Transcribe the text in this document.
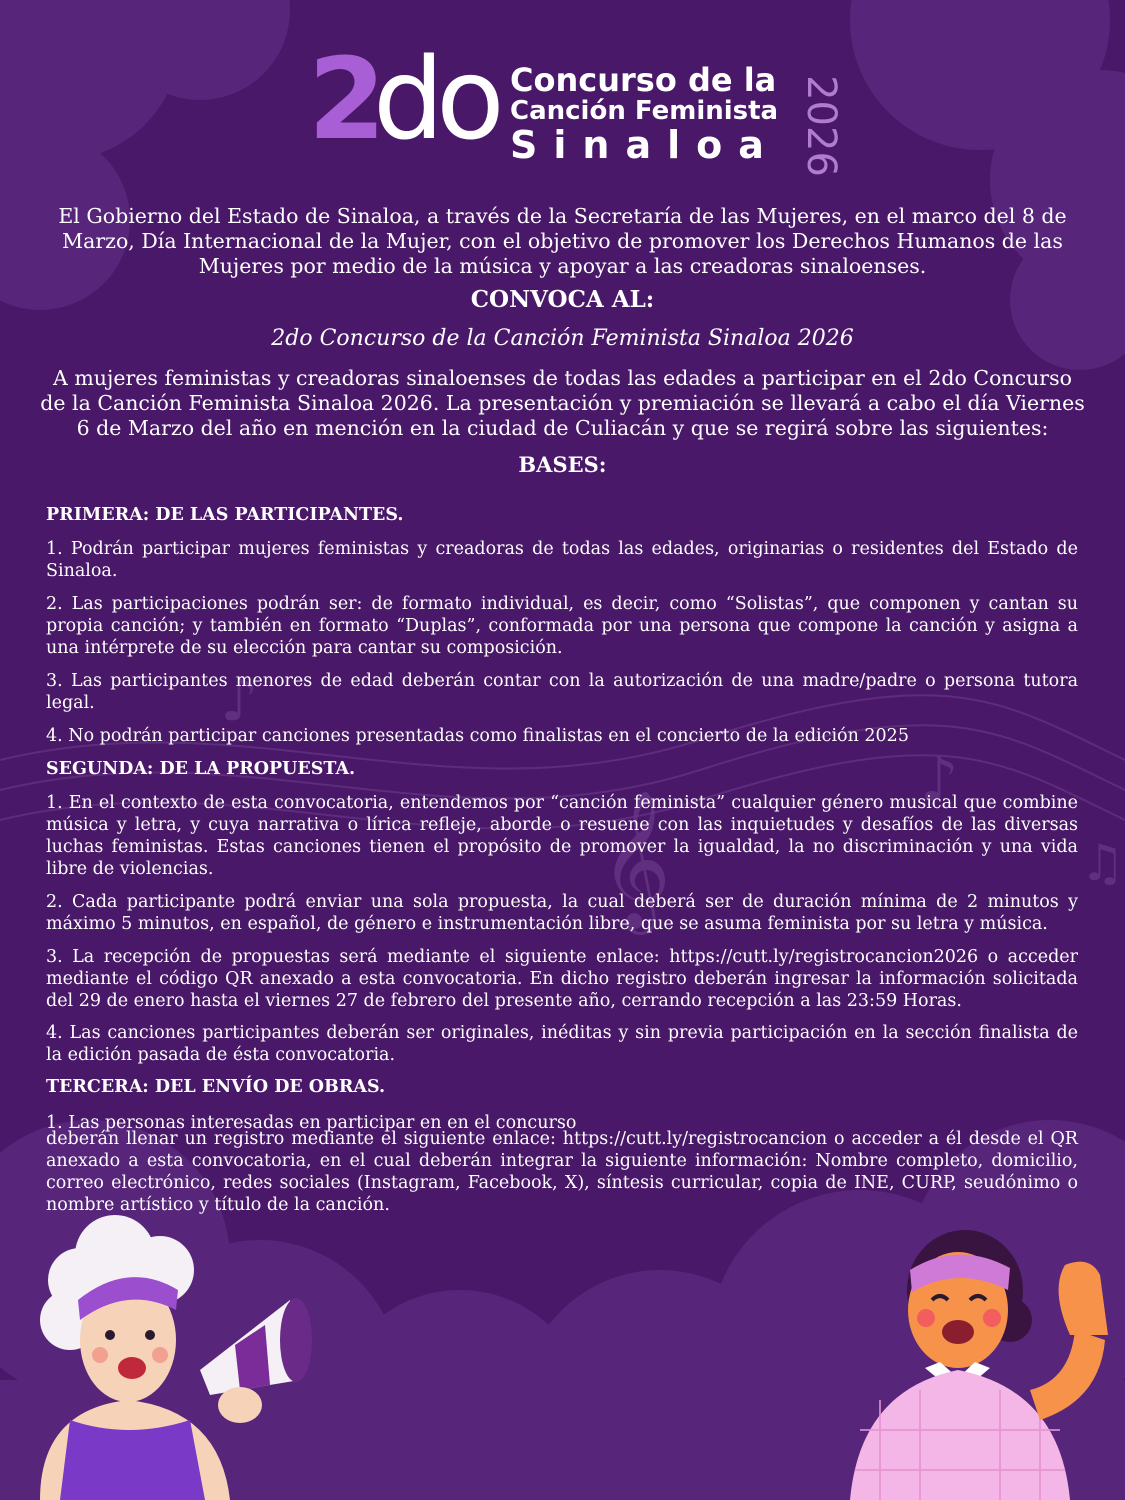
𝄞
♪
♫
♪
2
do Concurso de la
Canción Feminista
Sinaloa 2026
El Gobierno del Estado de Sinaloa, a través de la Secretaría de las Mujeres, en el marco del 8 de Marzo, Día Internacional de la Mujer, con el objetivo de promover los Derechos Humanos de las Mujeres por medio de la música y apoyar a las creadoras sinaloenses.
CONVOCA AL:
2do Concurso de la Canción Feminista Sinaloa 2026
A mujeres feministas y creadoras sinaloenses de todas las edades a participar en el 2do Concurso de la Canción Feminista Sinaloa 2026. La presentación y premiación se llevará a cabo el día Viernes 6 de Marzo del año en mención en la ciudad de Culiacán y que se regirá sobre las siguientes:
BASES:
PRIMERA: DE LAS PARTICIPANTES.
1. Podrán participar mujeres feministas y creadoras de todas las edades, originarias o residentes del Estado de Sinaloa.
2. Las participaciones podrán ser: de formato individual, es decir, como “Solistas”, que componen y cantan su propia canción; y también en formato “Duplas”, conformada por una persona que compone la canción y asigna a una intérprete de su elección para cantar su composición.
3. Las participantes menores de edad deberán contar con la autorización de una madre/padre o persona tutora legal.
4. No podrán participar canciones presentadas como finalistas en el concierto de la edición 2025
SEGUNDA: DE LA PROPUESTA.
1. En el contexto de esta convocatoria, entendemos por “canción feminista” cualquier género musical que combine música y letra, y cuya narrativa o lírica refleje, aborde o resuene con las inquietudes y desafíos de las diversas luchas feministas. Estas canciones tienen el propósito de promover la igualdad, la no discriminación y una vida libre de violencias.
2. Cada participante podrá enviar una sola propuesta, la cual deberá ser de duración mínima de 2 minutos y máximo 5 minutos, en español, de género e instrumentación libre, que se asuma feminista por su letra y música.
3. La recepción de propuestas será mediante el siguiente enlace: https://cutt.ly/registrocancion2026 o acceder mediante el código QR anexado a esta convocatoria. En dicho registro deberán ingresar la información solicitada del 29 de enero hasta el viernes 27 de febrero del presente año, cerrando recepción a las 23:59 Horas.
4. Las canciones participantes deberán ser originales, inéditas y sin previa participación en la sección finalista de la edición pasada de ésta convocatoria.
TERCERA: DEL ENVÍO DE OBRAS.
1. Las personas interesadas en participar en en el concurso
deberán llenar un registro mediante el siguiente enlace: https://cutt.ly/registrocancion o acceder a él desde el QR anexado a esta convocatoria, en el cual deberán integrar la siguiente información: Nombre completo, domicilio, correo electrónico, redes sociales (Instagram, Facebook, X), síntesis curricular, copia de INE, CURP, seudónimo o nombre artístico y título de la canción.
